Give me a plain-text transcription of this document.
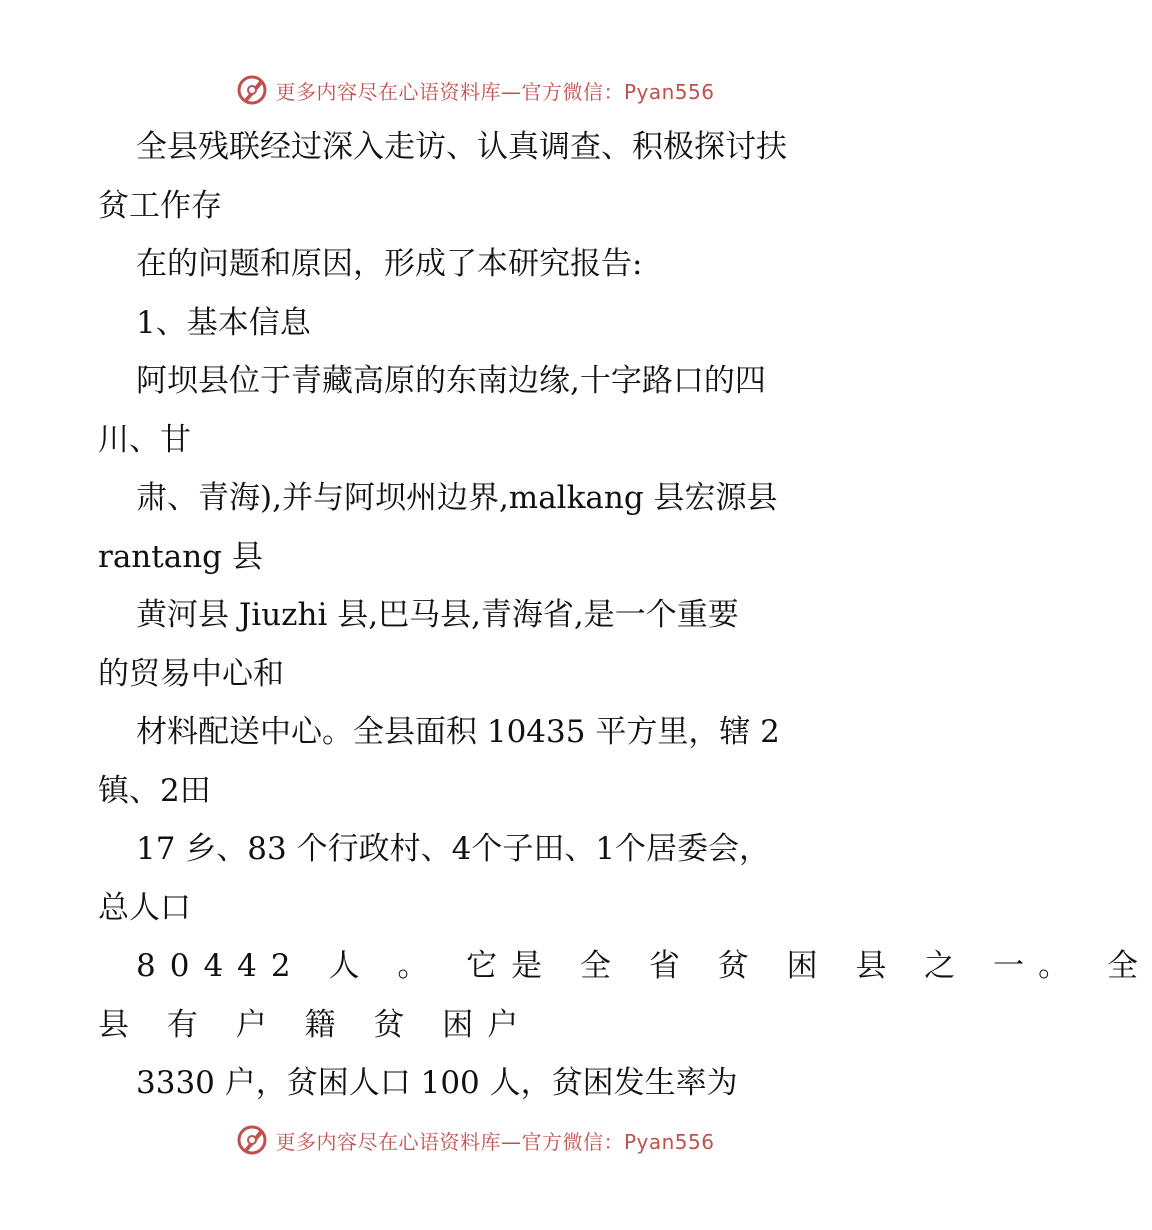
更多内容尽在心语资料库—官方微信：Pyan556
全县残联经过深入走访、认真调查、积极探讨扶
贫工作存
在的问题和原因，形成了本研究报告:
1、基本信息
阿坝县位于青藏高原的东南边缘,十字路口的四
川、甘
肃、青海),并与阿坝州边界,malkang 县宏源县
rantang 县
黄河县 Jiuzhi 县,巴马县,青海省,是一个重要
的贸易中心和
材料配送中心。全县面积 10435 平方里，辖 2
镇、2田
17 乡、83 个行政村、4个子田、1个居委会，
总人口
80442 人 。 它是 全 省 贫 困 县 之 一。 全
县 有 户 籍 贫 困户
3330 户，贫困人口 100 人，贫困发生率为
更多内容尽在心语资料库—官方微信：Pyan556
